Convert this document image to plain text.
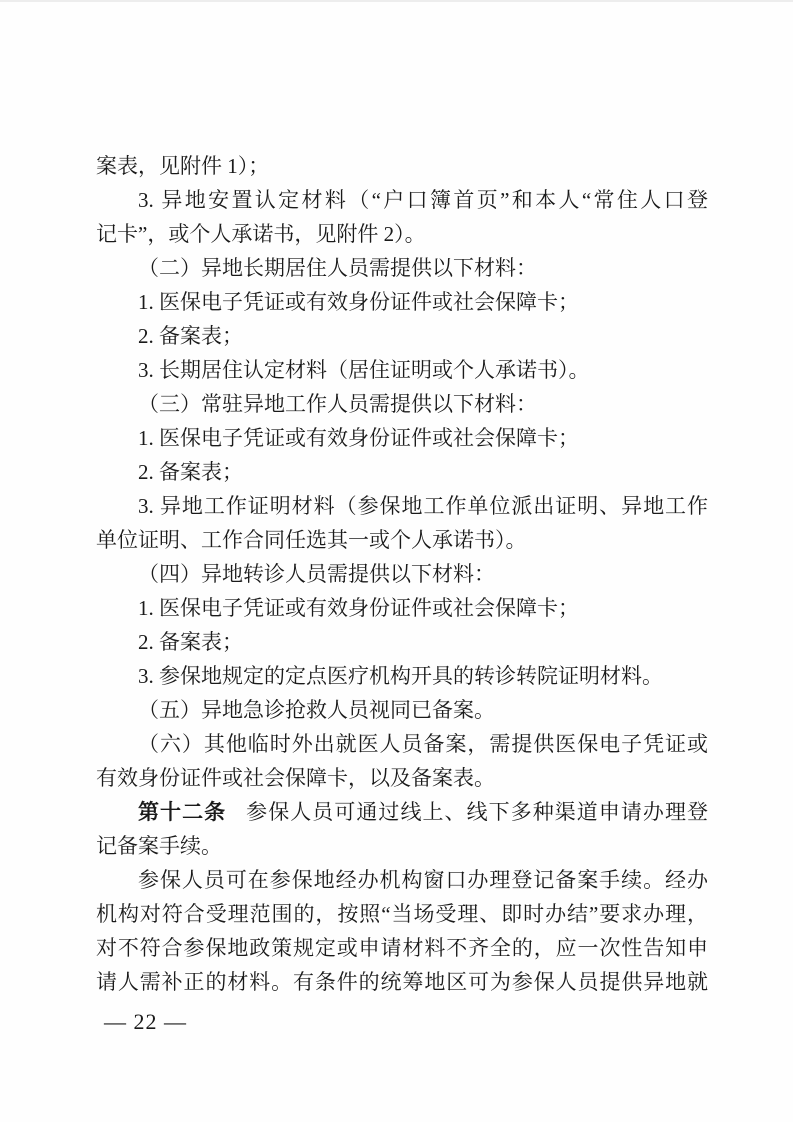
案表，见附件 1）；
3. 异地安置认定材料（“户口簿首页”和本人“常住人口登
记卡”，或个人承诺书，见附件 2）。
（二）异地长期居住人员需提供以下材料：
1. 医保电子凭证或有效身份证件或社会保障卡；
2. 备案表；
3. 长期居住认定材料（居住证明或个人承诺书）。
（三）常驻异地工作人员需提供以下材料：
1. 医保电子凭证或有效身份证件或社会保障卡；
2. 备案表；
3. 异地工作证明材料（参保地工作单位派出证明、异地工作
单位证明、工作合同任选其一或个人承诺书）。
（四）异地转诊人员需提供以下材料：
1. 医保电子凭证或有效身份证件或社会保障卡；
2. 备案表；
3. 参保地规定的定点医疗机构开具的转诊转院证明材料。
（五）异地急诊抢救人员视同已备案。
（六）其他临时外出就医人员备案，需提供医保电子凭证或
有效身份证件或社会保障卡，以及备案表。
第十二条 参保人员可通过线上、线下多种渠道申请办理登
记备案手续。
参保人员可在参保地经办机构窗口办理登记备案手续。经办
机构对符合受理范围的，按照“当场受理、即时办结”要求办理，
对不符合参保地政策规定或申请材料不齐全的，应一次性告知申
请人需补正的材料。有条件的统筹地区可为参保人员提供异地就
— 22 —
